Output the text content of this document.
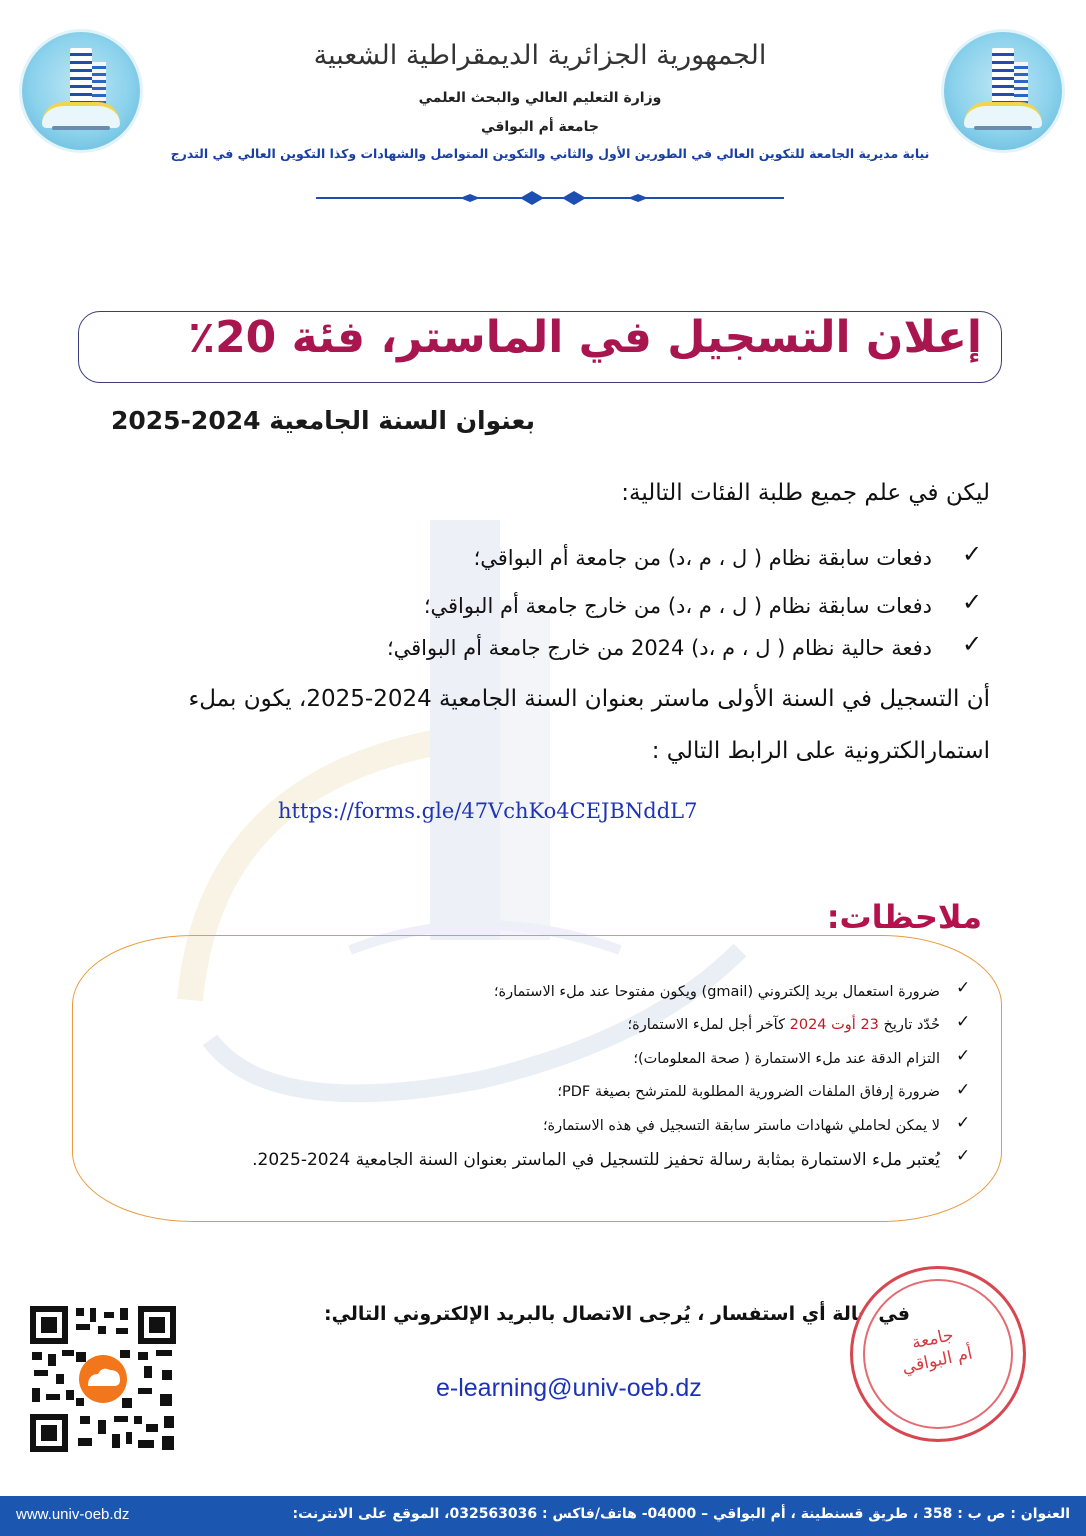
الجمهورية الجزائرية الديمقراطية الشعبية
وزارة التعليم العالي والبحث العلمي
جامعة أم البواقي
نيابة مديرية الجامعة للتكوين العالي في الطورين الأول والثاني والتكوين المتواصل والشهادات وكذا التكوين العالي في التدرج
إعلان التسجيل في الماستر، فئة 20٪
بعنوان السنة الجامعية 2024-2025
ليكن في علم جميع طلبة الفئات التالية:
✓
دفعات سابقة نظام ( ل ، م ،د) من جامعة أم البواقي؛
✓
دفعات سابقة نظام ( ل ، م ،د) من خارج جامعة أم البواقي؛
✓
دفعة حالية نظام ( ل ، م ،د) 2024 من خارج جامعة أم البواقي؛
أن التسجيل في السنة الأولى ماستر بعنوان السنة الجامعية 2024-2025، يكون بملء
استمارالكترونية على الرابط التالي :
https://forms.gle/47VchKo4CEJBNddL7
ملاحظات:
✓
ضرورة استعمال بريد إلكتروني (gmail) ويكون مفتوحا عند ملء الاستمارة؛
✓
حُدّد تاريخ 23 أوت 2024 كآخر أجل لملء الاستمارة؛
✓
التزام الدقة عند ملء الاستمارة ( صحة المعلومات)؛
✓
ضرورة إرفاق الملفات الضرورية المطلوبة للمترشح بصيغة PDF؛
✓
لا يمكن لحاملي شهادات ماستر سابقة التسجيل في هذه الاستمارة؛
✓
يُعتبر ملء الاستمارة بمثابة رسالة تحفيز للتسجيل في الماستر بعنوان السنة الجامعية 2024-2025.
في حالة أي استفسار ، يُرجى الاتصال بالبريد الإلكتروني التالي:
e-learning@univ-oeb.dz
جامعة
أم البواقي
www.univ-oeb.dz	العنوان : ص ب : 358 ، طريق قسنطينة ، أم البواقي – 04000- هاتف/فاكس : 032563036، الموقع على الانترنت:
